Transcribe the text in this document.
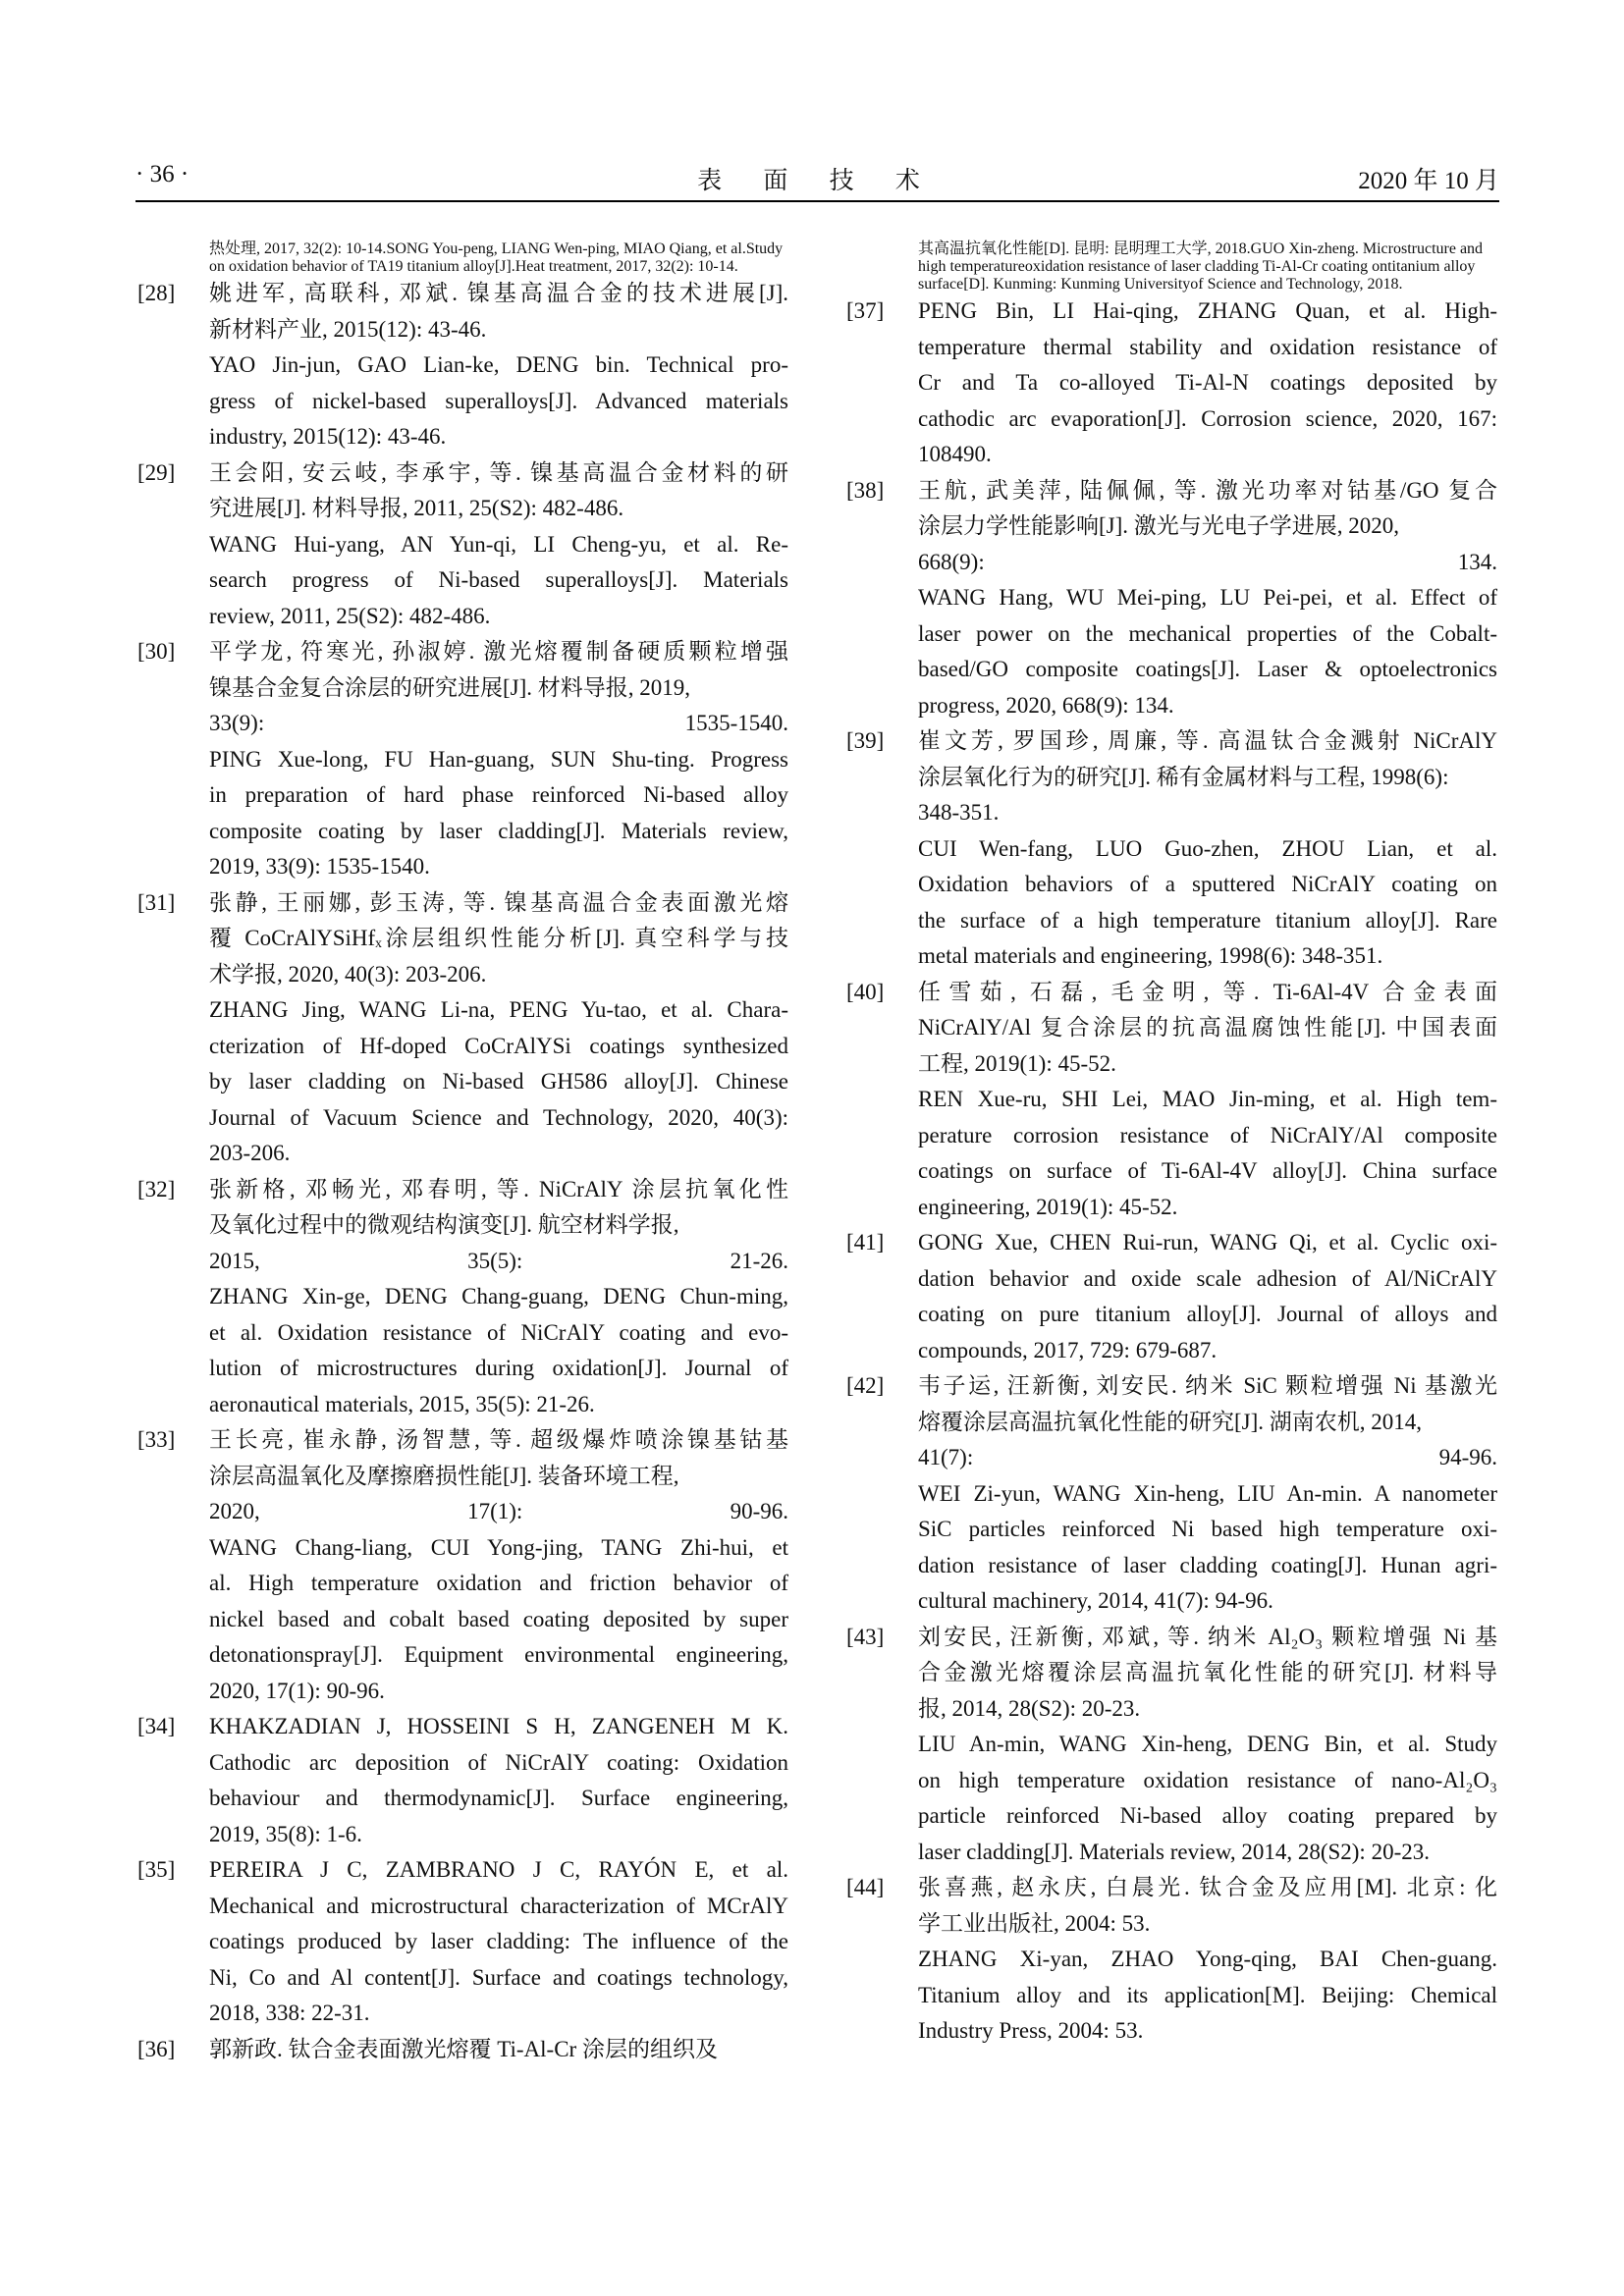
· 36 ·	表 面 技 术	2020 年 10 月
热处理, 2017, 32(2): 10-14.SONG You-peng, LIANG Wen-ping, MIAO Qiang, et al.Study on oxidation behavior of TA19 titanium alloy[J].Heat treatment, 2017, 32(2): 10-14.
[28] 姚进军, 高联科, 邓斌. 镍基高温合金的技术进展[J].
新材料产业, 2015(12): 43-46.
YAO Jin-jun, GAO Lian-ke, DENG bin. Technical pro-
gress of nickel-based superalloys[J]. Advanced materials
industry, 2015(12): 43-46.
[29] 王会阳, 安云岐, 李承宇, 等. 镍基高温合金材料的研
究进展[J]. 材料导报, 2011, 25(S2): 482-486.
WANG Hui-yang, AN Yun-qi, LI Cheng-yu, et al. Re-
search progress of Ni-based superalloys[J]. Materials
review, 2011, 25(S2): 482-486.
[30] 平学龙, 符寒光, 孙淑婷. 激光熔覆制备硬质颗粒增强
镍基合金复合涂层的研究进展[J]. 材料导报, 2019,
33(9): 1535-1540.
PING Xue-long, FU Han-guang, SUN Shu-ting. Progress
in preparation of hard phase reinforced Ni-based alloy
composite coating by laser cladding[J]. Materials review,
2019, 33(9): 1535-1540.
[31] 张静, 王丽娜, 彭玉涛, 等. 镍基高温合金表面激光熔
覆 CoCrAlYSiHfₓ涂层组织性能分析[J]. 真空科学与技
术学报, 2020, 40(3): 203-206.
ZHANG Jing, WANG Li-na, PENG Yu-tao, et al. Chara-
cterization of Hf-doped CoCrAlYSi coatings synthesized
by laser cladding on Ni-based GH586 alloy[J]. Chinese
Journal of Vacuum Science and Technology, 2020, 40(3):
203-206.
[32] 张新格, 邓畅光, 邓春明, 等. NiCrAlY 涂层抗氧化性
及氧化过程中的微观结构演变[J]. 航空材料学报,
2015, 35(5): 21-26.
ZHANG Xin-ge, DENG Chang-guang, DENG Chun-ming,
et al. Oxidation resistance of NiCrAlY coating and evo-
lution of microstructures during oxidation[J]. Journal of
aeronautical materials, 2015, 35(5): 21-26.
[33] 王长亮, 崔永静, 汤智慧, 等. 超级爆炸喷涂镍基钴基
涂层高温氧化及摩擦磨损性能[J]. 装备环境工程,
2020, 17(1): 90-96.
WANG Chang-liang, CUI Yong-jing, TANG Zhi-hui, et
al. High temperature oxidation and friction behavior of
nickel based and cobalt based coating deposited by super
detonationspray[J]. Equipment environmental engineering,
2020, 17(1): 90-96.
[34] KHAKZADIAN J, HOSSEINI S H, ZANGENEH M K.
Cathodic arc deposition of NiCrAlY coating: Oxidation
behaviour and thermodynamic[J]. Surface engineering,
2019, 35(8): 1-6.
[35] PEREIRA J C, ZAMBRANO J C, RAYÓN E, et al.
Mechanical and microstructural characterization of MCrAlY
coatings produced by laser cladding: The influence of the
Ni, Co and Al content[J]. Surface and coatings technology,
2018, 338: 22-31.
[36] 郭新政. 钛合金表面激光熔覆 Ti-Al-Cr 涂层的组织及
其高温抗氧化性能[D]. 昆明: 昆明理工大学, 2018.GUO Xin-zheng. Microstructure and high temperatureoxidation resistance of laser cladding Ti-Al-Cr coating ontitanium alloy surface[D]. Kunming: Kunming Universityof Science and Technology, 2018.
[37] PENG Bin, LI Hai-qing, ZHANG Quan, et al. High-
temperature thermal stability and oxidation resistance of
Cr and Ta co-alloyed Ti-Al-N coatings deposited by
cathodic arc evaporation[J]. Corrosion science, 2020, 167:
108490.
[38] 王航, 武美萍, 陆佩佩, 等. 激光功率对钴基/GO 复合
涂层力学性能影响[J]. 激光与光电子学进展, 2020,
668(9): 134.
WANG Hang, WU Mei-ping, LU Pei-pei, et al. Effect of
laser power on the mechanical properties of the Cobalt-
based/GO composite coatings[J]. Laser & optoelectronics
progress, 2020, 668(9): 134.
[39] 崔文芳, 罗国珍, 周廉, 等. 高温钛合金溅射 NiCrAlY
涂层氧化行为的研究[J]. 稀有金属材料与工程, 1998(6):
348-351.
CUI Wen-fang, LUO Guo-zhen, ZHOU Lian, et al.
Oxidation behaviors of a sputtered NiCrAlY coating on
the surface of a high temperature titanium alloy[J]. Rare
metal materials and engineering, 1998(6): 348-351.
[40] 任雪茹, 石磊, 毛金明, 等. Ti-6Al-4V 合金表面
NiCrAlY/Al 复合涂层的抗高温腐蚀性能[J]. 中国表面
工程, 2019(1): 45-52.
REN Xue-ru, SHI Lei, MAO Jin-ming, et al. High tem-
perature corrosion resistance of NiCrAlY/Al composite
coatings on surface of Ti-6Al-4V alloy[J]. China surface
engineering, 2019(1): 45-52.
[41] GONG Xue, CHEN Rui-run, WANG Qi, et al. Cyclic oxi-
dation behavior and oxide scale adhesion of Al/NiCrAlY
coating on pure titanium alloy[J]. Journal of alloys and
compounds, 2017, 729: 679-687.
[42] 韦子运, 汪新衡, 刘安民. 纳米 SiC 颗粒增强 Ni 基激光
熔覆涂层高温抗氧化性能的研究[J]. 湖南农机, 2014,
41(7): 94-96.
WEI Zi-yun, WANG Xin-heng, LIU An-min. A nanometer
SiC particles reinforced Ni based high temperature oxi-
dation resistance of laser cladding coating[J]. Hunan agri-
cultural machinery, 2014, 41(7): 94-96.
[43] 刘安民, 汪新衡, 邓斌, 等. 纳米 Al₂O₃ 颗粒增强 Ni 基
合金激光熔覆涂层高温抗氧化性能的研究[J]. 材料导
报, 2014, 28(S2): 20-23.
LIU An-min, WANG Xin-heng, DENG Bin, et al. Study
on high temperature oxidation resistance of nano-Al₂O₃
particle reinforced Ni-based alloy coating prepared by
laser cladding[J]. Materials review, 2014, 28(S2): 20-23.
[44] 张喜燕, 赵永庆, 白晨光. 钛合金及应用[M]. 北京: 化
学工业出版社, 2004: 53.
ZHANG Xi-yan, ZHAO Yong-qing, BAI Chen-guang.
Titanium alloy and its application[M]. Beijing: Chemical
Industry Press, 2004: 53.
